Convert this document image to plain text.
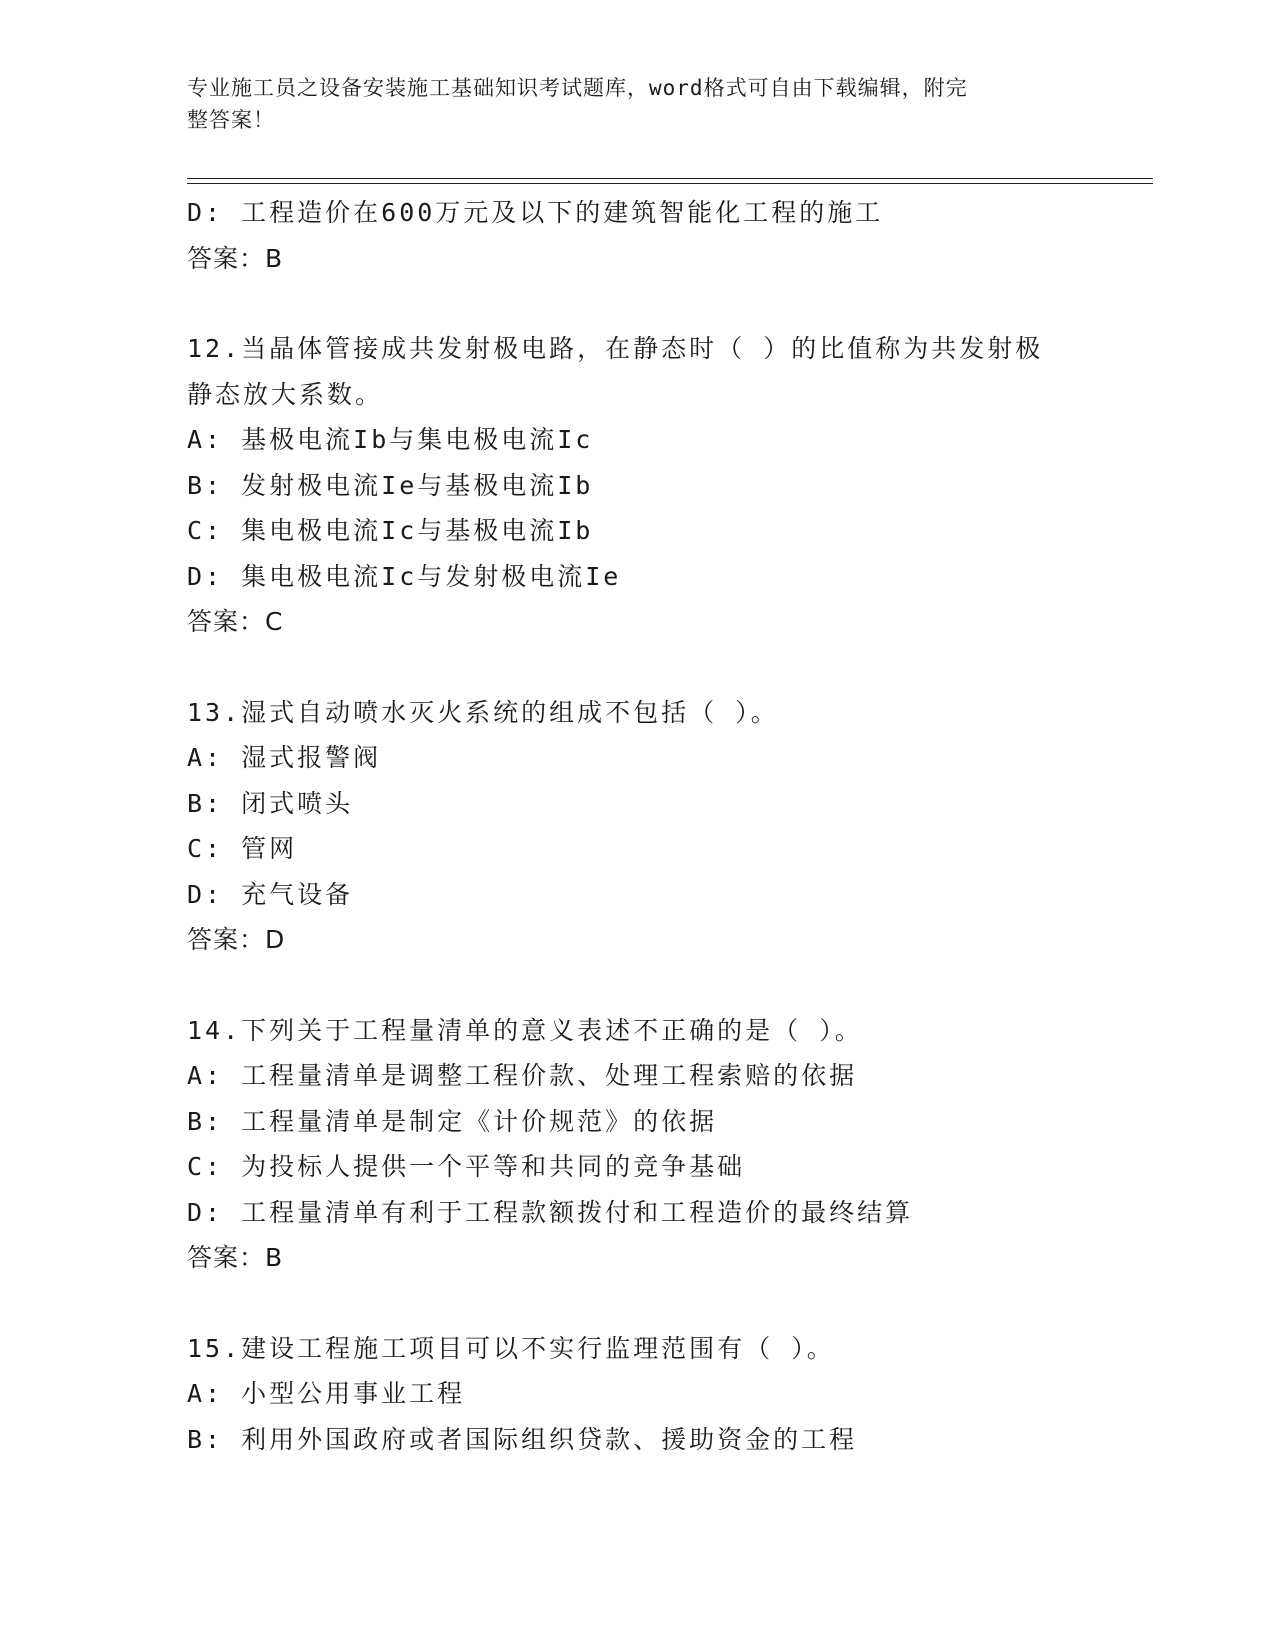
专业施工员之设备安装施工基础知识考试题库，word格式可自由下载编辑，附完
整答案！
D: 工程造价在600万元及以下的建筑智能化工程的施工
答案：B
12.当晶体管接成共发射极电路，在静态时（ ）的比值称为共发射极
静态放大系数。
A: 基极电流Ib与集电极电流Ic
B: 发射极电流Ie与基极电流Ib
C: 集电极电流Ic与基极电流Ib
D: 集电极电流Ic与发射极电流Ie
答案：C
13.湿式自动喷水灭火系统的组成不包括（ ）。
A: 湿式报警阀
B: 闭式喷头
C: 管网
D: 充气设备
答案：D
14.下列关于工程量清单的意义表述不正确的是（ ）。
A: 工程量清单是调整工程价款、处理工程索赔的依据
B: 工程量清单是制定《计价规范》的依据
C: 为投标人提供一个平等和共同的竞争基础
D: 工程量清单有利于工程款额拨付和工程造价的最终结算
答案：B
15.建设工程施工项目可以不实行监理范围有（ ）。
A: 小型公用事业工程
B: 利用外国政府或者国际组织贷款、援助资金的工程
